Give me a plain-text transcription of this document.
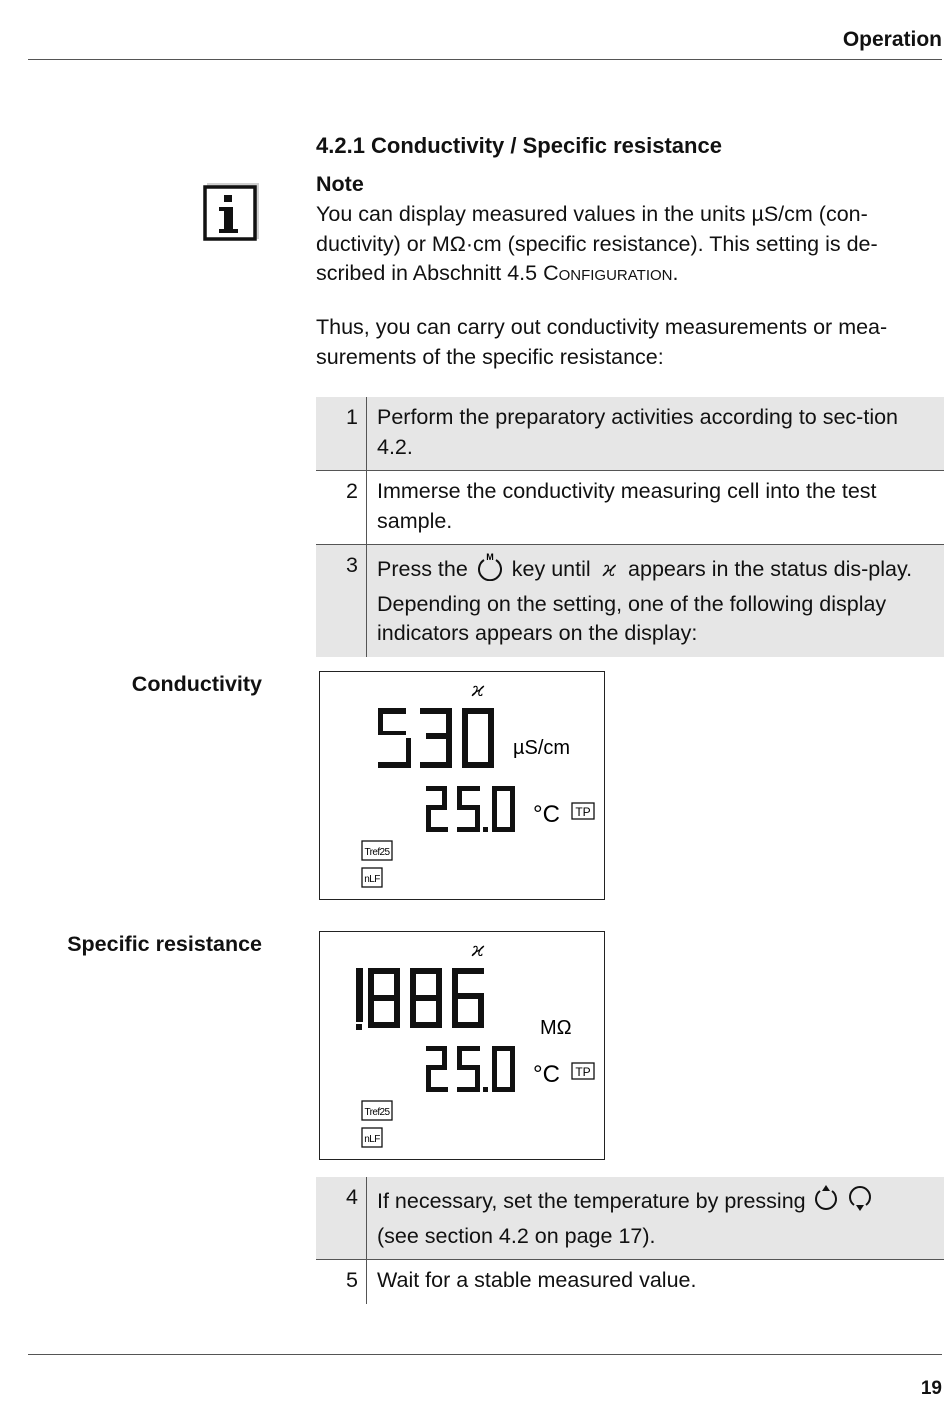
Operation
4.2.1 Conductivity / Specific resistance
Note

You can display measured values in the units µS/cm (con-ductivity) or MΩ·cm (specific resistance). This setting is de-scribed in Abschnitt 4.5 Configuration.

Thus, you can carry out conductivity measurements or mea-surements of the specific resistance:

1	Perform the preparatory activities according to sec-tion 4.2.
2	Immerse the conductivity measuring cell into the test sample.
3	Press the M key until ϰ appears in the status dis-play. Depending on the setting, one of the following display indicators appears on the display:
Conductivity	ϰ
530
µS/cm
25.0
°C TP
Tref25
nLF
Specific resistance	ϰ
MΩ
25.0
°C TP
Tref25
nLF
4	If necessary, set the temperature by pressing
(see section 4.2 on page 17).
5	Wait for a stable measured value.
19
